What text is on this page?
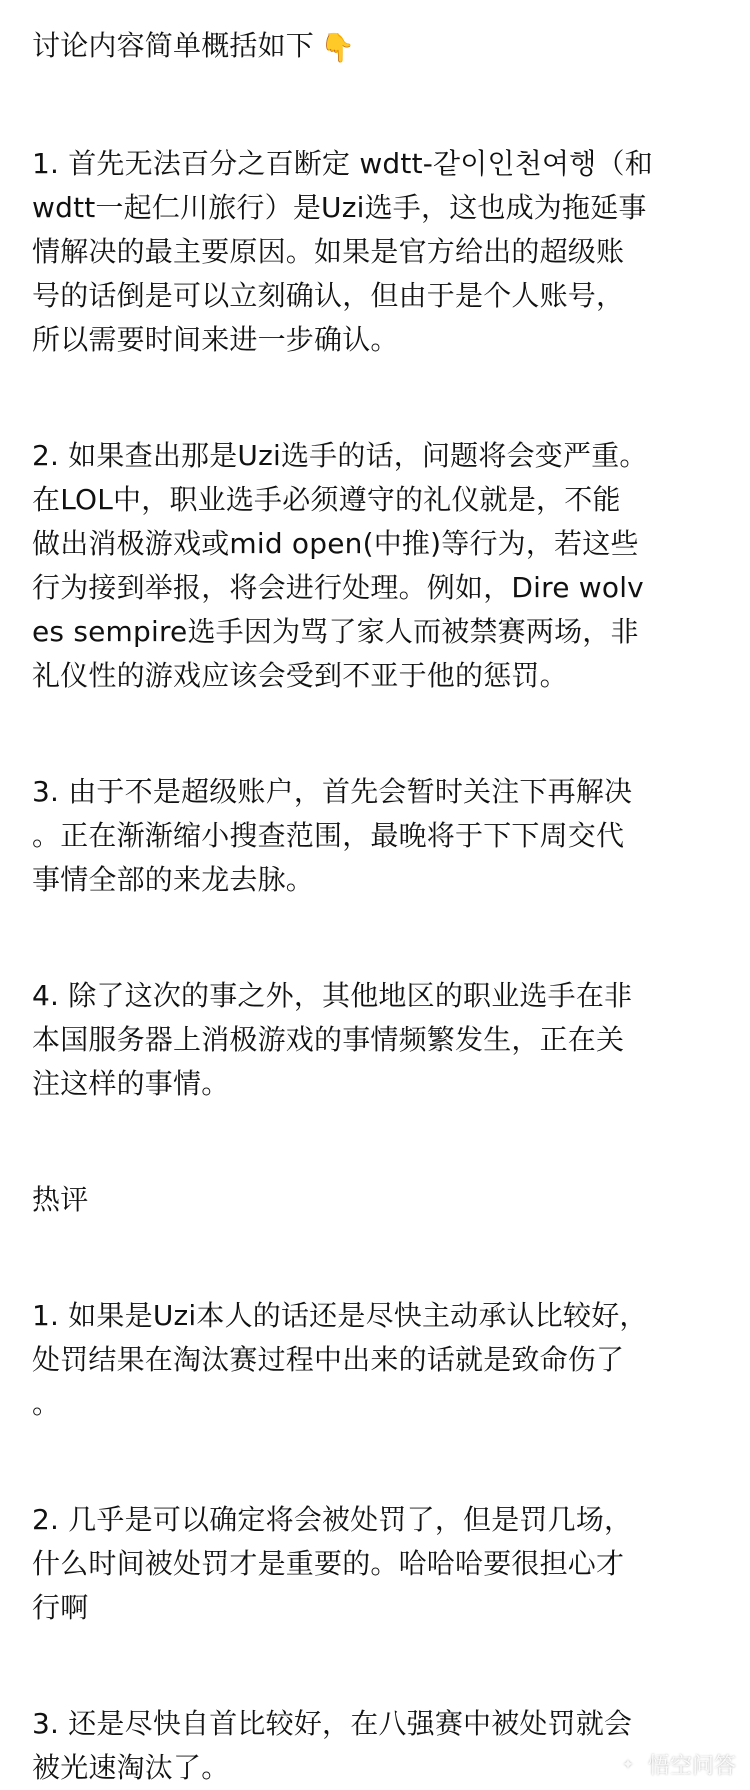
讨论内容简单概括如下 👇

1. 首先无法百分之百断定 wdtt-같이인천여행（和
wdtt一起仁川旅行）是Uzi选手，这也成为拖延事
情解决的最主要原因。如果是官方给出的超级账
号的话倒是可以立刻确认，但由于是个人账号，
所以需要时间来进一步确认。

2. 如果查出那是Uzi选手的话，问题将会变严重。
在LOL中，职业选手必须遵守的礼仪就是，不能
做出消极游戏或mid open(中推)等行为，若这些
行为接到举报，将会进行处理。例如，Dire wolv
es sempire选手因为骂了家人而被禁赛两场，非
礼仪性的游戏应该会受到不亚于他的惩罚。

3. 由于不是超级账户，首先会暂时关注下再解决
。正在渐渐缩小搜查范围，最晚将于下下周交代
事情全部的来龙去脉。

4. 除了这次的事之外，其他地区的职业选手在非
本国服务器上消极游戏的事情频繁发生，正在关
注这样的事情。

热评

1. 如果是Uzi本人的话还是尽快主动承认比较好，
处罚结果在淘汰赛过程中出来的话就是致命伤了
。

2. 几乎是可以确定将会被处罚了，但是罚几场，
什么时间被处罚才是重要的。哈哈哈要很担心才
行啊

3. 还是尽快自首比较好，在八强赛中被处罚就会
被光速淘汰了。	✦ 悟空问答
